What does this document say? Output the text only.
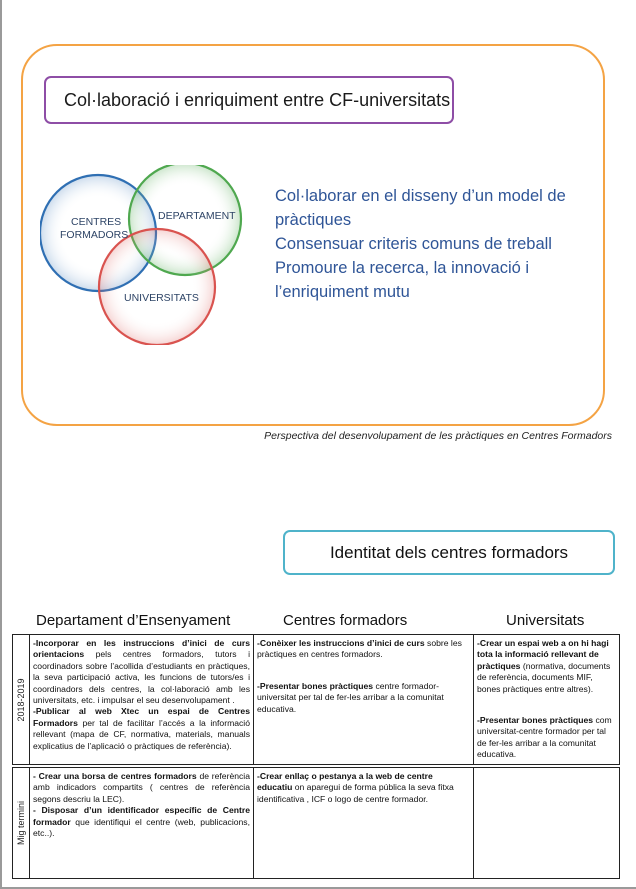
Col·laboració i enriquiment entre CF-universitats
CENTRES
FORMADORS
DEPARTAMENT
UNIVERSITATS
Col·laborar en el disseny d’un model de
pràctiques
Consensuar criteris comuns de treball
Promoure la recerca, la innovació i
l’enriquiment mutu
Perspectiva del desenvolupament de les pràctiques en Centres Formadors
Identitat dels centres formadors
Departament d’Ensenyament	Centres formadors	Universitats
2018-2019

-Incorporar en les instruccions d’inici de curs orientacions pels centres formadors, tutors i coordinadors sobre l’acollida d’estudiants en pràctiques, la seva participació activa, les funcions de tutors/es i coordinadors dels centres, la col·laboració amb les universitats, etc. i impulsar el seu desenvolupament .

-Publicar al web Xtec un espai de Centres Formadors per tal de facilitar l’accés a la informació rellevant (mapa de CF, normativa, materials, manuals explicatius de l’aplicació o pràctiques de referència).

-Conèixer les instruccions d’inici de curs sobre les pràctiques en centres formadors.

-Presentar bones pràctiques centre formador-universitat per tal de fer-les arribar a la comunitat educativa.

-Crear un espai web a on hi hagi tota la informació rellevant de pràctiques (normativa, documents de referència, documents MIF, bones pràctiques entre altres).

-Presentar bones pràctiques com universitat-centre formador per tal de fer-les arribar a la comunitat educativa.

Mig termini

- Crear una borsa de centres formadors de referència amb indicadors compartits ( centres de referència segons descriu la LEC).

- Disposar d’un identificador específic de Centre formador que identifiqui el centre (web, publicacions, etc..).

-Crear enllaç o pestanya a la web de centre educatiu on aparegui de forma pública la seva fitxa identificativa , ICF o logo de centre formador.
